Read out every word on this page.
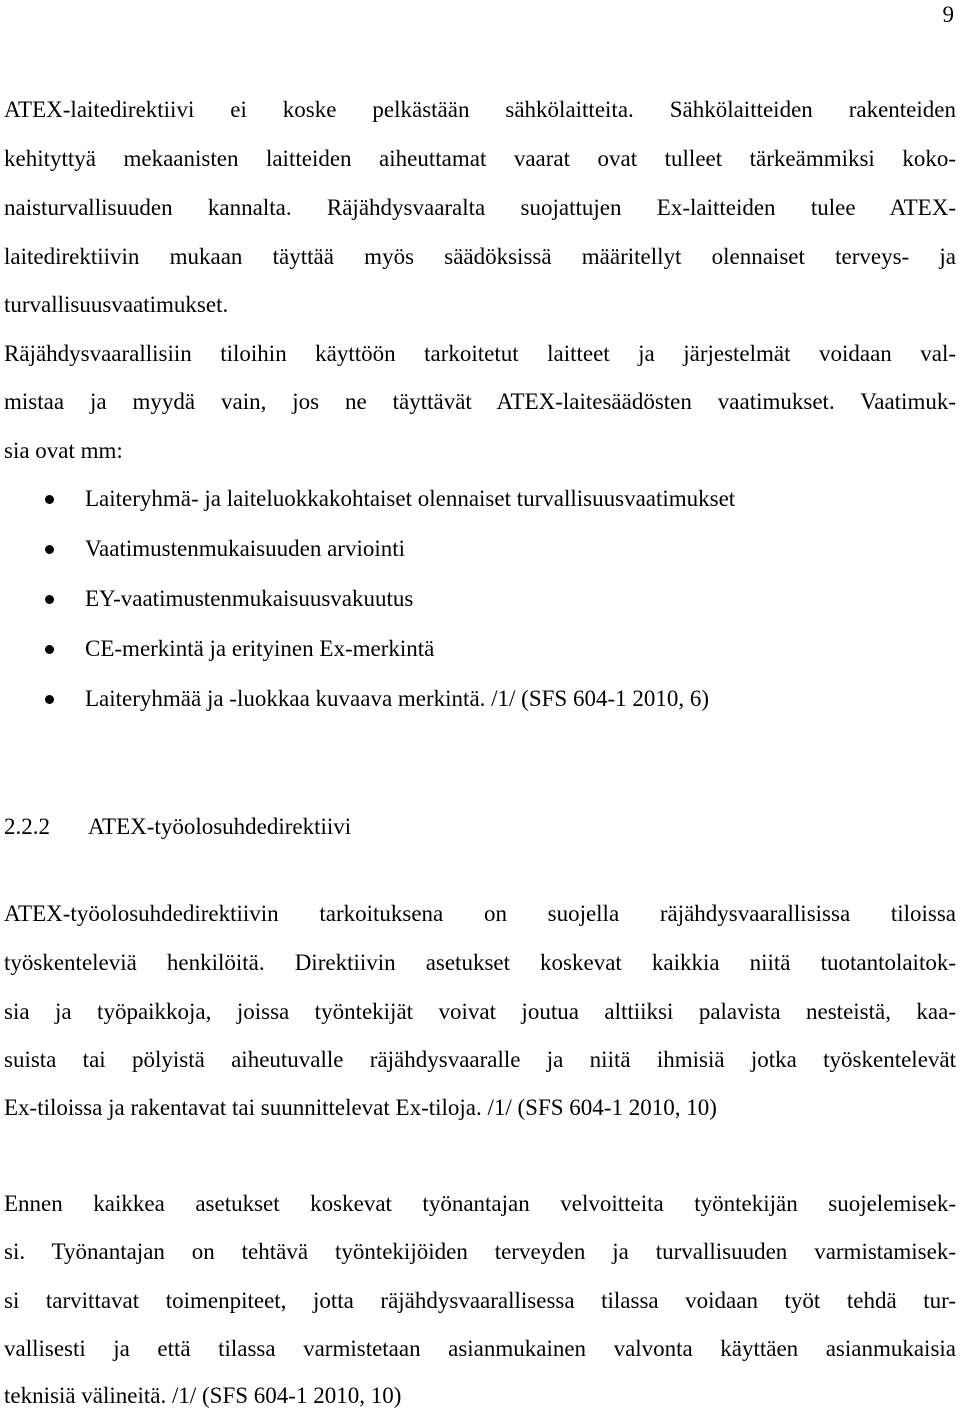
9
ATEX-laitedirektiivi ei koske pelkästään sähkölaitteita. Sähkölaitteiden rakenteiden
kehityttyä mekaanisten laitteiden aiheuttamat vaarat ovat tulleet tärkeämmiksi koko-
naisturvallisuuden kannalta. Räjähdysvaaralta suojattujen Ex-laitteiden tulee ATEX-
laitedirektiivin mukaan täyttää myös säädöksissä määritellyt olennaiset terveys- ja
turvallisuusvaatimukset.
Räjähdysvaarallisiin tiloihin käyttöön tarkoitetut laitteet ja järjestelmät voidaan val-
mistaa ja myydä vain, jos ne täyttävät ATEX-laitesäädösten vaatimukset. Vaatimuk-
sia ovat mm:
Laiteryhmä- ja laiteluokkakohtaiset olennaiset turvallisuusvaatimukset
Vaatimustenmukaisuuden arviointi
EY-vaatimustenmukaisuusvakuutus
CE-merkintä ja erityinen Ex-merkintä
Laiteryhmää ja -luokkaa kuvaava merkintä. /1/ (SFS 604-1 2010, 6)
2.2.2 ATEX-työolosuhdedirektiivi
ATEX-työolosuhdedirektiivin tarkoituksena on suojella räjähdysvaarallisissa tiloissa
työskenteleviä henkilöitä. Direktiivin asetukset koskevat kaikkia niitä tuotantolaitok-
sia ja työpaikkoja, joissa työntekijät voivat joutua alttiiksi palavista nesteistä, kaa-
suista tai pölyistä aiheutuvalle räjähdysvaaralle ja niitä ihmisiä jotka työskentelevät
Ex-tiloissa ja rakentavat tai suunnittelevat Ex-tiloja. /1/ (SFS 604-1 2010, 10)
Ennen kaikkea asetukset koskevat työnantajan velvoitteita työntekijän suojelemisek-
si. Työnantajan on tehtävä työntekijöiden terveyden ja turvallisuuden varmistamisek-
si tarvittavat toimenpiteet, jotta räjähdysvaarallisessa tilassa voidaan työt tehdä tur-
vallisesti ja että tilassa varmistetaan asianmukainen valvonta käyttäen asianmukaisia
teknisiä välineitä. /1/ (SFS 604-1 2010, 10)
